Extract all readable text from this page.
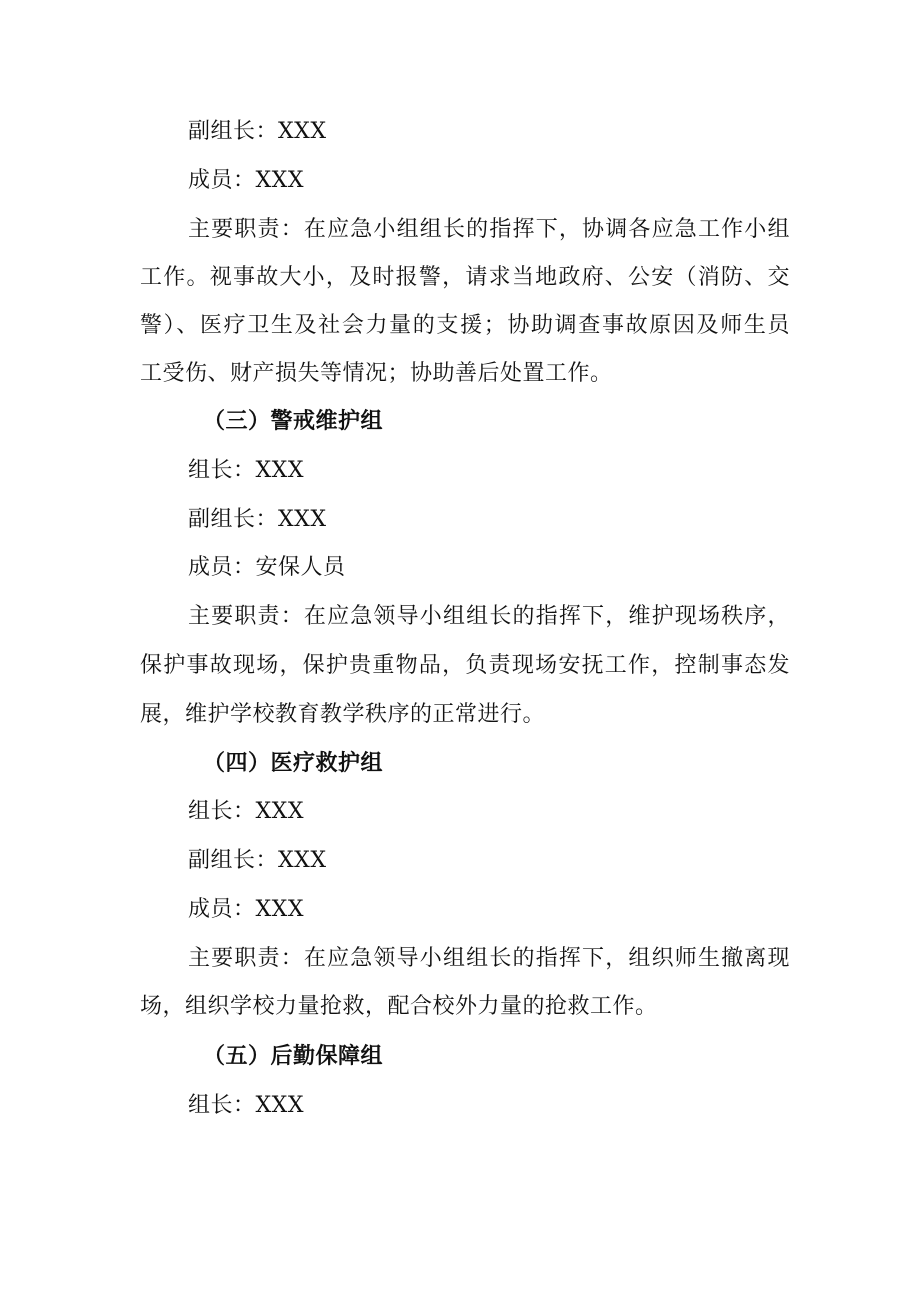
副组长：XXX
成员：XXX
主要职责：在应急小组组长的指挥下，协调各应急工作小组
工作。视事故大小，及时报警，请求当地政府、公安（消防、交
警）、医疗卫生及社会力量的支援；协助调查事故原因及师生员
工受伤、财产损失等情况；协助善后处置工作。
（三）警戒维护组
组长：XXX
副组长：XXX
成员：安保人员
主要职责：在应急领导小组组长的指挥下，维护现场秩序，
保护事故现场，保护贵重物品，负责现场安抚工作，控制事态发
展，维护学校教育教学秩序的正常进行。
（四）医疗救护组
组长：XXX
副组长：XXX
成员：XXX
主要职责：在应急领导小组组长的指挥下，组织师生撤离现
场，组织学校力量抢救，配合校外力量的抢救工作。
（五）后勤保障组
组长：XXX
